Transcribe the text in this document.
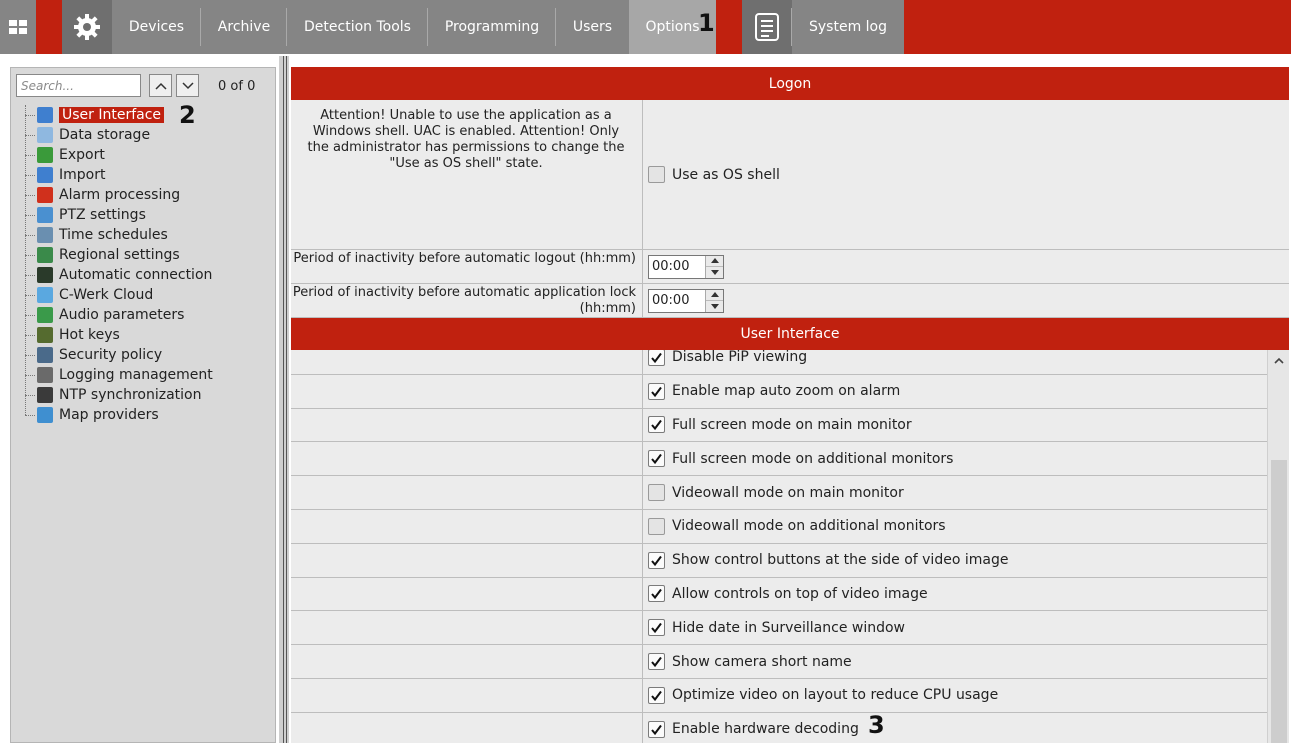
Devices Archive Detection Tools Programming Users Options	System log
1
Search...
0 of 0
User Interface
Data storage
Export
Import
Alarm processing
PTZ settings
Time schedules
Regional settings
Automatic connection
C-Werk Cloud
Audio parameters
Hot keys
Security policy
Logging management
NTP synchronization
Map providers
2
Logon
Attention! Unable to use the application as a Windows shell. UAC is enabled. Attention! Only the administrator has permissions to change the "Use as OS shell" state.
Use as OS shell
Period of inactivity before automatic logout (hh:mm)
00:00
Period of inactivity before automatic application lock (hh:mm)
00:00
User Interface
Disable PiP viewing
Enable map auto zoom on alarm
Full screen mode on main monitor
Full screen mode on additional monitors
Videowall mode on main monitor
Videowall mode on additional monitors
Show control buttons at the side of video image
Allow controls on top of video image
Hide date in Surveillance window
Show camera short name
Optimize video on layout to reduce CPU usage
Enable hardware decoding 3
